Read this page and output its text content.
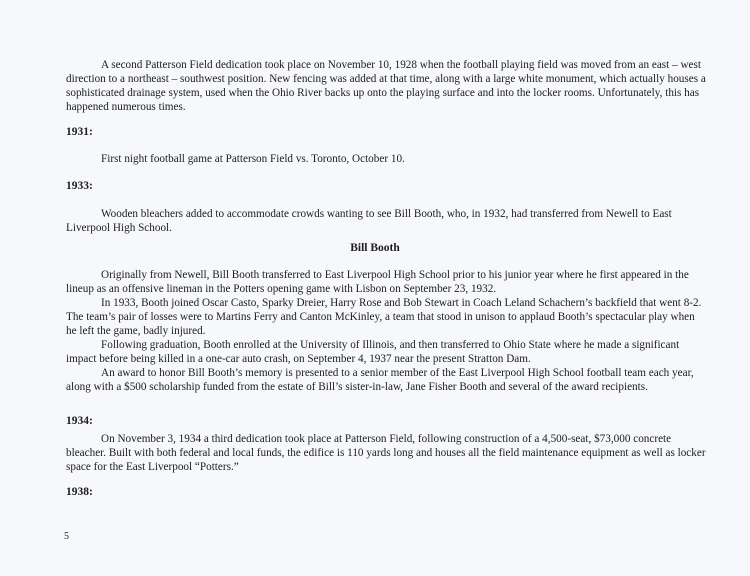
A second Patterson Field dedication took place on November 10, 1928 when the football playing field was moved from an east – west direction to a northeast – southwest position. New fencing was added at that time, along with a large white monument, which actually houses a sophisticated drainage system, used when the Ohio River backs up onto the playing surface and into the locker rooms. Unfortunately, this has happened numerous times.

1931:

First night football game at Patterson Field vs. Toronto, October 10.

1933:

Wooden bleachers added to accommodate crowds wanting to see Bill Booth, who, in 1932, had transferred from Newell to East Liverpool High School.

Bill Booth

Originally from Newell, Bill Booth transferred to East Liverpool High School prior to his junior year where he first appeared in the lineup as an offensive lineman in the Potters opening game with Lisbon on September 23, 1932.

In 1933, Booth joined Oscar Casto, Sparky Dreier, Harry Rose and Bob Stewart in Coach Leland Schachern’s backfield that went 8-2. The team’s pair of losses were to Martins Ferry and Canton McKinley, a team that stood in unison to applaud Booth’s spectacular play when he left the game, badly injured.

Following graduation, Booth enrolled at the University of Illinois, and then transferred to Ohio State where he made a significant impact before being killed in a one-car auto crash, on September 4, 1937 near the present Stratton Dam.

An award to honor Bill Booth’s memory is presented to a senior member of the East Liverpool High School football team each year, along with a $500 scholarship funded from the estate of Bill’s sister-in-law, Jane Fisher Booth and several of the award recipients.

1934:

On November 3, 1934 a third dedication took place at Patterson Field, following construction of a 4,500-seat, $73,000 concrete bleacher. Built with both federal and local funds, the edifice is 110 yards long and houses all the field maintenance equipment as well as locker space for the East Liverpool “Potters.”

1938:

5
